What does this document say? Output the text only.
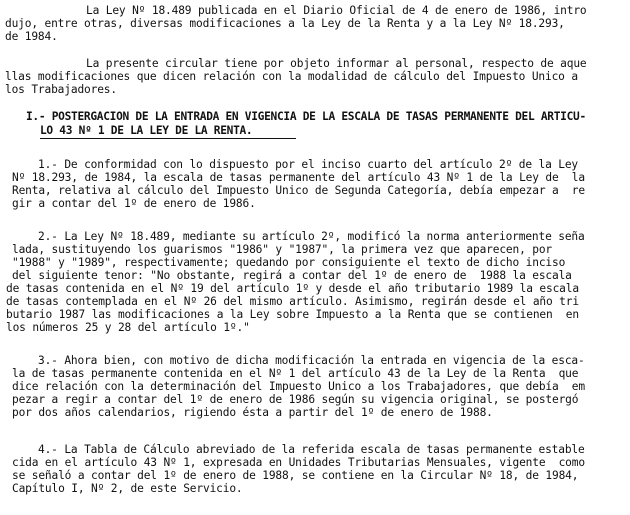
La Ley Nº 18.489 publicada en el Diario Oficial de 4 de enero de 1986, intro
dujo, entre otras, diversas modificaciones a la Ley de la Renta y a la Ley Nº 18.293,
de 1984.
La presente circular tiene por objeto informar al personal, respecto de aque
llas modificaciones que dicen relación con la modalidad de cálculo del Impuesto Unico a
los Trabajadores.
I.- POSTERGACION DE LA ENTRADA EN VIGENCIA DE LA ESCALA DE TASAS PERMANENTE DEL ARTICU-
LO 43 Nº 1 DE LA LEY DE LA RENTA.
1.- De conformidad con lo dispuesto por el inciso cuarto del artículo 2º de la Ley
Nº 18.293, de 1984, la escala de tasas permanente del artículo 43 Nº 1 de la Ley de  la
Renta, relativa al cálculo del Impuesto Unico de Segunda Categoría, debía empezar a  re
gir a contar del 1º de enero de 1986.
2.- La Ley Nº 18.489, mediante su artículo 2º, modificó la norma anteriormente seña
lada, sustituyendo los guarismos "1986" y "1987", la primera vez que aparecen, por
"1988" y "1989", respectivamente; quedando por consiguiente el texto de dicho inciso
del siguiente tenor: "No obstante, regirá a contar del 1º de enero de  1988 la escala
de tasas contenida en el Nº 19 del artículo 1º y desde el año tributario 1989 la escala
de tasas contemplada en el Nº 26 del mismo artículo. Asimismo, regirán desde el año tri
butario 1987 las modificaciones a la Ley sobre Impuesto a la Renta que se contienen  en
los números 25 y 28 del artículo 1º."
3.- Ahora bien, con motivo de dicha modificación la entrada en vigencia de la esca-
la de tasas permanente contenida en el Nº 1 del artículo 43 de la Ley de la Renta  que
dice relación con la determinación del Impuesto Unico a los Trabajadores, que debía  em
pezar a regir a contar del 1º de enero de 1986 según su vigencia original, se postergó
por dos años calendarios, rigiendo ésta a partir del 1º de enero de 1988.
4.- La Tabla de Cálculo abreviado de la referida escala de tasas permanente estable
cida en el artículo 43 Nº 1, expresada en Unidades Tributarias Mensuales, vigente  como
se señaló a contar del 1º de enero de 1988, se contiene en la Circular Nº 18, de 1984,
Capítulo I, Nº 2, de este Servicio.
